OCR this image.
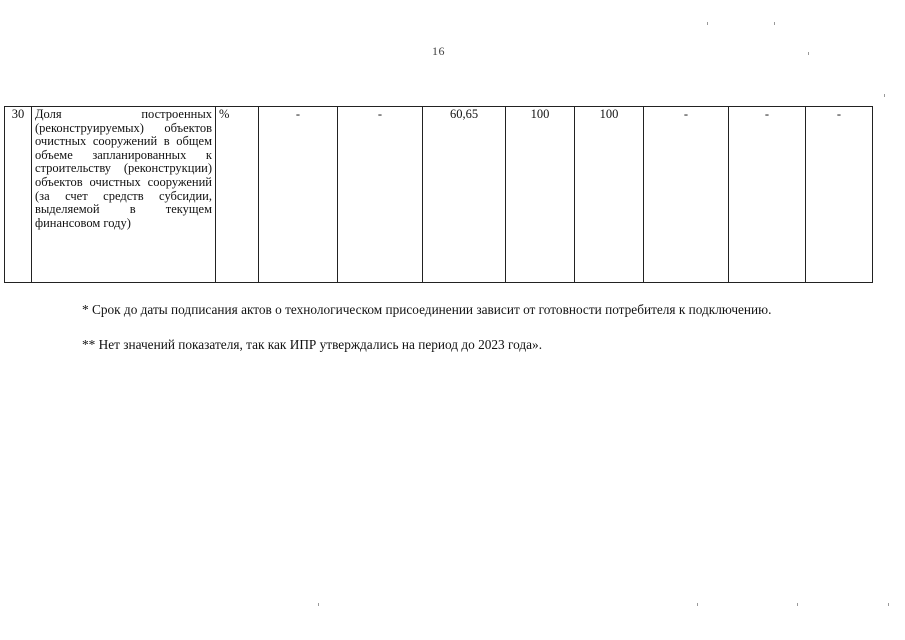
16
30	Доля построенных (реконструируемых) объектов очистных сооружений в общем объеме запланированных к строительству (реконструкции) объектов очистных сооружений (за счет средств субсидии, выделяемой в текущем финансовом году)	%	-	-	60,65	100	100	-	-	-

* Срок до даты подписания актов о технологическом присоединении зависит от готовности потребителя к подключению.

** Нет значений показателя, так как ИПР утверждались на период до 2023 года».
